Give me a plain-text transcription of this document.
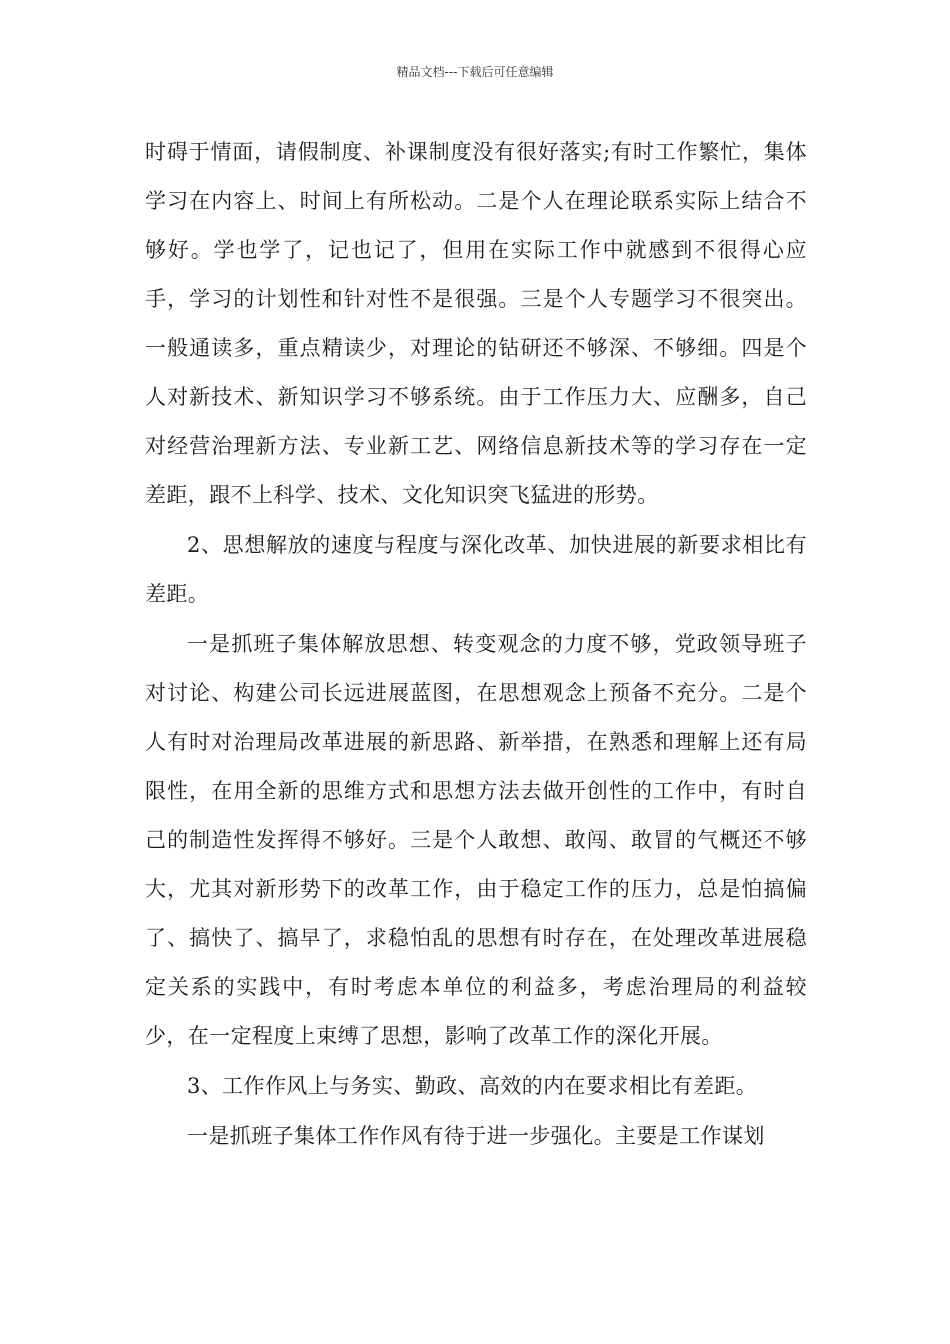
精品文档---下载后可任意编辑

时碍于情面，请假制度、补课制度没有很好落实;有时工作繁忙，集体学习在内容上、时间上有所松动。二是个人在理论联系实际上结合不够好。学也学了，记也记了，但用在实际工作中就感到不很得心应手，学习的计划性和针对性不是很强。三是个人专题学习不很突出。一般通读多，重点精读少，对理论的钻研还不够深、不够细。四是个人对新技术、新知识学习不够系统。由于工作压力大、应酬多，自己对经营治理新方法、专业新工艺、网络信息新技术等的学习存在一定差距，跟不上科学、技术、文化知识突飞猛进的形势。

2、思想解放的速度与程度与深化改革、加快进展的新要求相比有差距。

一是抓班子集体解放思想、转变观念的力度不够，党政领导班子对讨论、构建公司长远进展蓝图，在思想观念上预备不充分。二是个人有时对治理局改革进展的新思路、新举措，在熟悉和理解上还有局限性，在用全新的思维方式和思想方法去做开创性的工作中，有时自己的制造性发挥得不够好。三是个人敢想、敢闯、敢冒的气概还不够大，尤其对新形势下的改革工作，由于稳定工作的压力，总是怕搞偏了、搞快了、搞早了，求稳怕乱的思想有时存在，在处理改革进展稳定关系的实践中，有时考虑本单位的利益多，考虑治理局的利益较少，在一定程度上束缚了思想，影响了改革工作的深化开展。

3、工作作风上与务实、勤政、高效的内在要求相比有差距。

一是抓班子集体工作作风有待于进一步强化。主要是工作谋划
